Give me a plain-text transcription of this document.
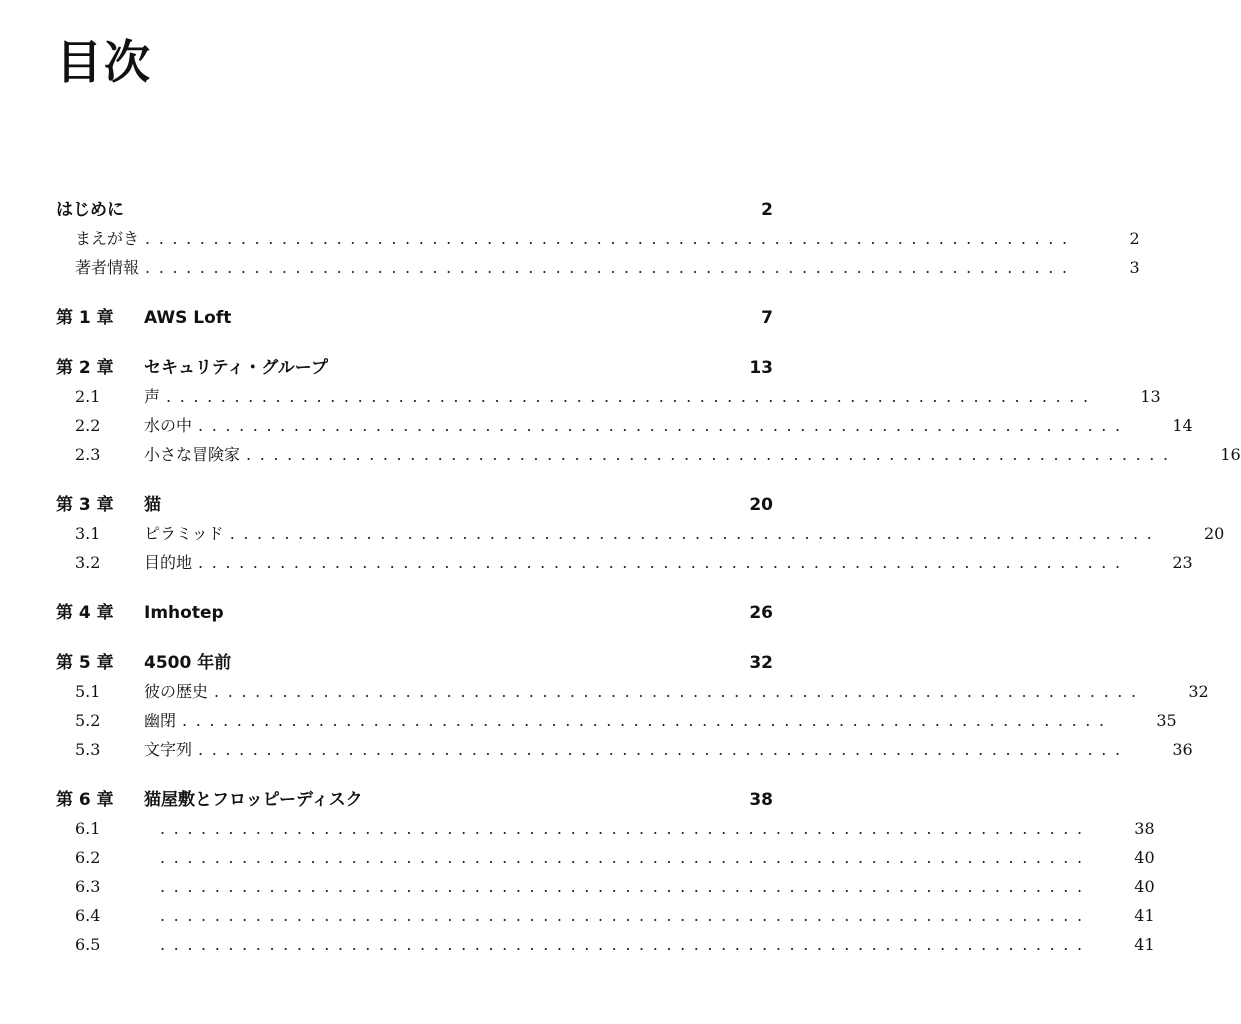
目次
はじめに	2
まえがき ....................................................................	2
著者情報 ....................................................................	3
第 1 章	AWS Loft	7
第 2 章	セキュリティ・グループ	13
2.1	声 ....................................................................	13
2.2	水の中 ....................................................................	14
2.3	小さな冒険家 ....................................................................	16
第 3 章	猫	20
3.1	ピラミッド ....................................................................	20
3.2	目的地 ....................................................................	23
第 4 章	Imhotep	26
第 5 章	4500 年前	32
5.1	彼の歴史 ....................................................................	32
5.2	幽閉 ....................................................................	35
5.3	文字列 ....................................................................	36
第 6 章	猫屋敷とフロッピーディスク	38
6.1	....................................................................	38
6.2	....................................................................	40
6.3	....................................................................	40
6.4	....................................................................	41
6.5	....................................................................	41
